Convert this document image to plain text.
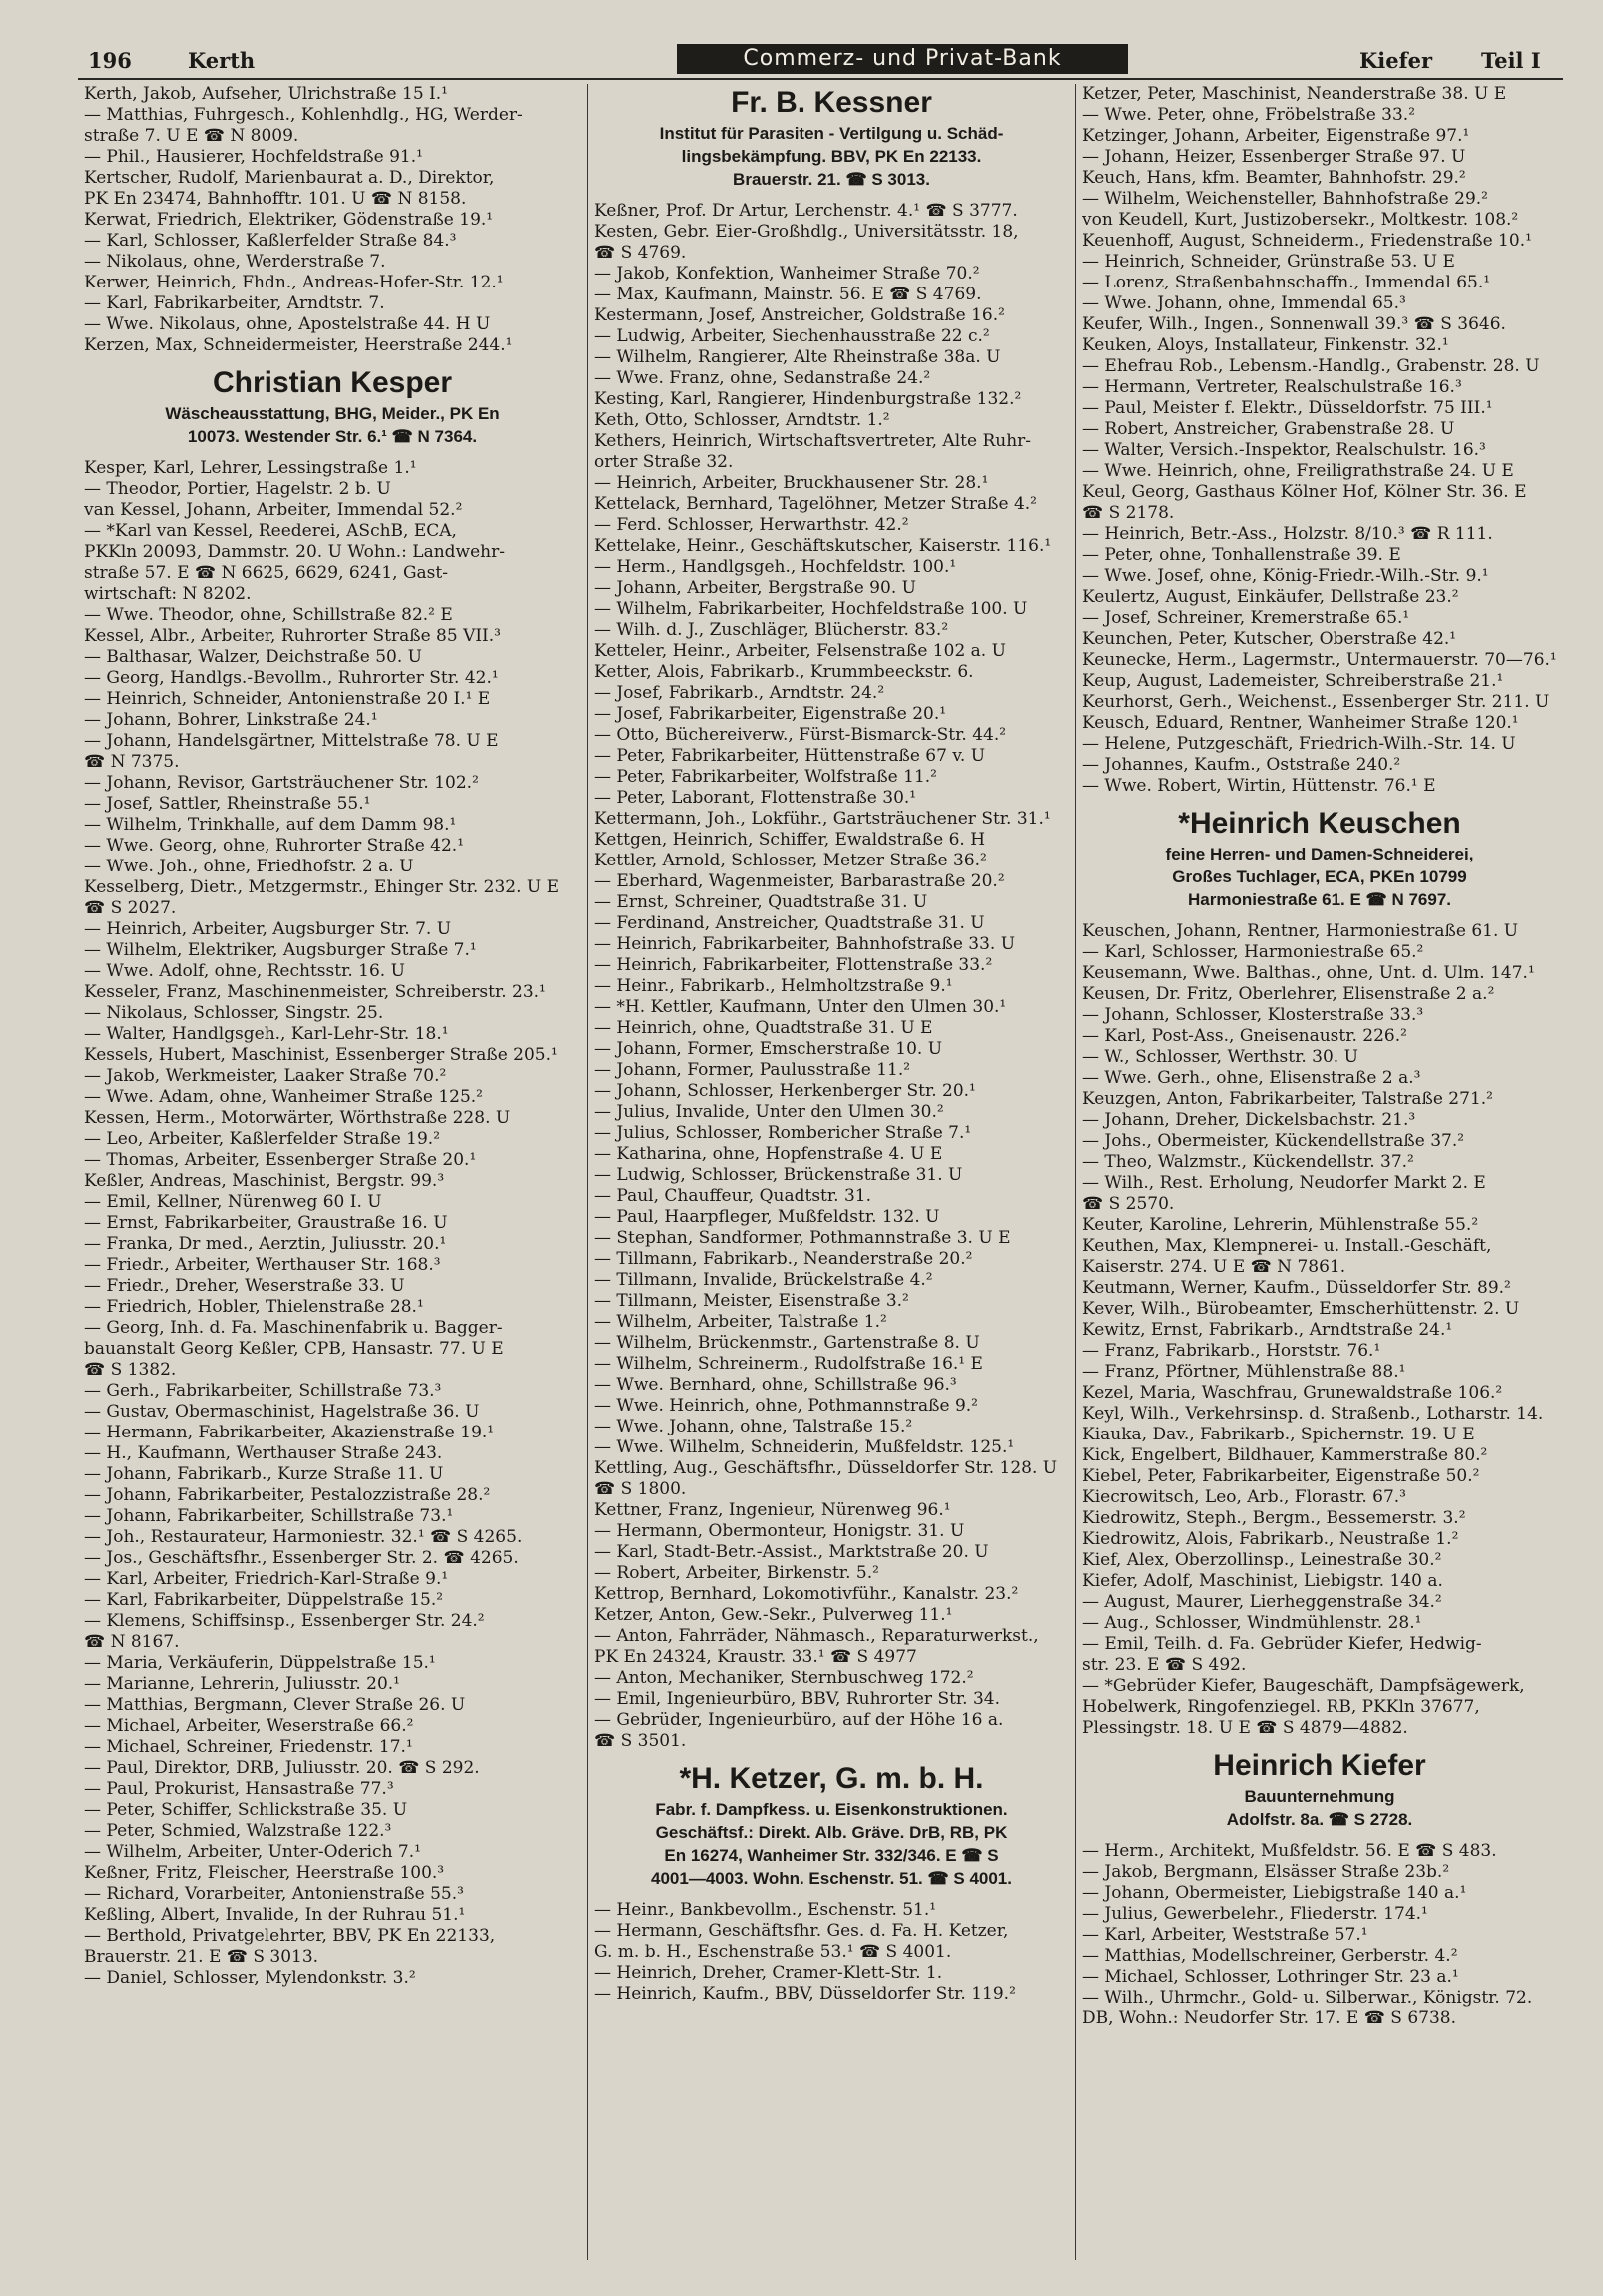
196	Kerth	Commerz- und Privat-Bank	Kiefer Teil I
Kerth, Jakob, Aufseher, Ulrichstraße 15 I.¹
— Matthias, Fuhrgesch., Kohlenhdlg., HG, Werder-
straße 7. U E ☎ N 8009.
— Phil., Hausierer, Hochfeldstraße 91.¹
Kertscher, Rudolf, Marienbaurat a. D., Direktor,
PK En 23474, Bahnhofftr. 101. U ☎ N 8158.
Kerwat, Friedrich, Elektriker, Gödenstraße 19.¹
— Karl, Schlosser, Kaßlerfelder Straße 84.³
— Nikolaus, ohne, Werderstraße 7.
Kerwer, Heinrich, Fhdn., Andreas-Hofer-Str. 12.¹
— Karl, Fabrikarbeiter, Arndtstr. 7.
— Wwe. Nikolaus, ohne, Apostelstraße 44. H U
Kerzen, Max, Schneidermeister, Heerstraße 244.¹
Christian Kesper
Wäscheausstattung, BHG, Meider., PK En
10073. Westender Str. 6.¹ ☎ N 7364.
Kesper, Karl, Lehrer, Lessingstraße 1.¹
— Theodor, Portier, Hagelstr. 2 b. U
van Kessel, Johann, Arbeiter, Immendal 52.²
— *Karl van Kessel, Reederei, ASchB, ECA,
PKKln 20093, Dammstr. 20. U Wohn.: Landwehr-
straße 57. E ☎ N 6625, 6629, 6241, Gast-
wirtschaft: N 8202.
— Wwe. Theodor, ohne, Schillstraße 82.² E
Kessel, Albr., Arbeiter, Ruhrorter Straße 85 VII.³
— Balthasar, Walzer, Deichstraße 50. U
— Georg, Handlgs.-Bevollm., Ruhrorter Str. 42.¹
— Heinrich, Schneider, Antonienstraße 20 I.¹ E
— Johann, Bohrer, Linkstraße 24.¹
— Johann, Handelsgärtner, Mittelstraße 78. U E
☎ N 7375.
— Johann, Revisor, Gartsträuchener Str. 102.²
— Josef, Sattler, Rheinstraße 55.¹
— Wilhelm, Trinkhalle, auf dem Damm 98.¹
— Wwe. Georg, ohne, Ruhrorter Straße 42.¹
— Wwe. Joh., ohne, Friedhofstr. 2 a. U
Kesselberg, Dietr., Metzgermstr., Ehinger Str. 232. U E
☎ S 2027.
— Heinrich, Arbeiter, Augsburger Str. 7. U
— Wilhelm, Elektriker, Augsburger Straße 7.¹
— Wwe. Adolf, ohne, Rechtsstr. 16. U
Kesseler, Franz, Maschinenmeister, Schreiberstr. 23.¹
— Nikolaus, Schlosser, Singstr. 25.
— Walter, Handlgsgeh., Karl-Lehr-Str. 18.¹
Kessels, Hubert, Maschinist, Essenberger Straße 205.¹
— Jakob, Werkmeister, Laaker Straße 70.²
— Wwe. Adam, ohne, Wanheimer Straße 125.²
Kessen, Herm., Motorwärter, Wörthstraße 228. U
— Leo, Arbeiter, Kaßlerfelder Straße 19.²
— Thomas, Arbeiter, Essenberger Straße 20.¹
Keßler, Andreas, Maschinist, Bergstr. 99.³
— Emil, Kellner, Nürenweg 60 I. U
— Ernst, Fabrikarbeiter, Graustraße 16. U
— Franka, Dr med., Aerztin, Juliusstr. 20.¹
— Friedr., Arbeiter, Werthauser Str. 168.³
— Friedr., Dreher, Weserstraße 33. U
— Friedrich, Hobler, Thielenstraße 28.¹
— Georg, Inh. d. Fa. Maschinenfabrik u. Bagger-
bauanstalt Georg Keßler, CPB, Hansastr. 77. U E
☎ S 1382.
— Gerh., Fabrikarbeiter, Schillstraße 73.³
— Gustav, Obermaschinist, Hagelstraße 36. U
— Hermann, Fabrikarbeiter, Akazienstraße 19.¹
— H., Kaufmann, Werthauser Straße 243.
— Johann, Fabrikarb., Kurze Straße 11. U
— Johann, Fabrikarbeiter, Pestalozzistraße 28.²
— Johann, Fabrikarbeiter, Schillstraße 73.¹
— Joh., Restaurateur, Harmoniestr. 32.¹ ☎ S 4265.
— Jos., Geschäftsfhr., Essenberger Str. 2. ☎ 4265.
— Karl, Arbeiter, Friedrich-Karl-Straße 9.¹
— Karl, Fabrikarbeiter, Düppelstraße 15.²
— Klemens, Schiffsinsp., Essenberger Str. 24.²
☎ N 8167.
— Maria, Verkäuferin, Düppelstraße 15.¹
— Marianne, Lehrerin, Juliusstr. 20.¹
— Matthias, Bergmann, Clever Straße 26. U
— Michael, Arbeiter, Weserstraße 66.²
— Michael, Schreiner, Friedenstr. 17.¹
— Paul, Direktor, DRB, Juliusstr. 20. ☎ S 292.
— Paul, Prokurist, Hansastraße 77.³
— Peter, Schiffer, Schlickstraße 35. U
— Peter, Schmied, Walzstraße 122.³
— Wilhelm, Arbeiter, Unter-Oderich 7.¹
Keßner, Fritz, Fleischer, Heerstraße 100.³
— Richard, Vorarbeiter, Antonienstraße 55.³
Keßling, Albert, Invalide, In der Ruhrau 51.¹
— Berthold, Privatgelehrter, BBV, PK En 22133,
Brauerstr. 21. E ☎ S 3013.
— Daniel, Schlosser, Mylendonkstr. 3.²
Fr. B. Kessner
Institut für Parasiten - Vertilgung u. Schäd-
lingsbekämpfung. BBV, PK En 22133.
Brauerstr. 21. ☎ S 3013.
Keßner, Prof. Dr Artur, Lerchenstr. 4.¹ ☎ S 3777.
Kesten, Gebr. Eier-Großhdlg., Universitätsstr. 18,
☎ S 4769.
— Jakob, Konfektion, Wanheimer Straße 70.²
— Max, Kaufmann, Mainstr. 56. E ☎ S 4769.
Kestermann, Josef, Anstreicher, Goldstraße 16.²
— Ludwig, Arbeiter, Siechenhausstraße 22 c.²
— Wilhelm, Rangierer, Alte Rheinstraße 38a. U
— Wwe. Franz, ohne, Sedanstraße 24.²
Kesting, Karl, Rangierer, Hindenburgstraße 132.²
Keth, Otto, Schlosser, Arndtstr. 1.²
Kethers, Heinrich, Wirtschaftsvertreter, Alte Ruhr-
orter Straße 32.
— Heinrich, Arbeiter, Bruckhausener Str. 28.¹
Kettelack, Bernhard, Tagelöhner, Metzer Straße 4.²
— Ferd. Schlosser, Herwarthstr. 42.²
Kettelake, Heinr., Geschäftskutscher, Kaiserstr. 116.¹
— Herm., Handlgsgeh., Hochfeldstr. 100.¹
— Johann, Arbeiter, Bergstraße 90. U
— Wilhelm, Fabrikarbeiter, Hochfeldstraße 100. U
— Wilh. d. J., Zuschläger, Blücherstr. 83.²
Ketteler, Heinr., Arbeiter, Felsenstraße 102 a. U
Ketter, Alois, Fabrikarb., Krummbeeckstr. 6.
— Josef, Fabrikarb., Arndtstr. 24.²
— Josef, Fabrikarbeiter, Eigenstraße 20.¹
— Otto, Büchereiverw., Fürst-Bismarck-Str. 44.²
— Peter, Fabrikarbeiter, Hüttenstraße 67 v. U
— Peter, Fabrikarbeiter, Wolfstraße 11.²
— Peter, Laborant, Flottenstraße 30.¹
Kettermann, Joh., Lokführ., Gartsträuchener Str. 31.¹
Kettgen, Heinrich, Schiffer, Ewaldstraße 6. H
Kettler, Arnold, Schlosser, Metzer Straße 36.²
— Eberhard, Wagenmeister, Barbarastraße 20.²
— Ernst, Schreiner, Quadtstraße 31. U
— Ferdinand, Anstreicher, Quadtstraße 31. U
— Heinrich, Fabrikarbeiter, Bahnhofstraße 33. U
— Heinrich, Fabrikarbeiter, Flottenstraße 33.²
— Heinr., Fabrikarb., Helmholtzstraße 9.¹
— *H. Kettler, Kaufmann, Unter den Ulmen 30.¹
— Heinrich, ohne, Quadtstraße 31. U E
— Johann, Former, Emscherstraße 10. U
— Johann, Former, Paulusstraße 11.²
— Johann, Schlosser, Herkenberger Str. 20.¹
— Julius, Invalide, Unter den Ulmen 30.²
— Julius, Schlosser, Rombericher Straße 7.¹
— Katharina, ohne, Hopfenstraße 4. U E
— Ludwig, Schlosser, Brückenstraße 31. U
— Paul, Chauffeur, Quadtstr. 31.
— Paul, Haarpfleger, Mußfeldstr. 132. U
— Stephan, Sandformer, Pothmannstraße 3. U E
— Tillmann, Fabrikarb., Neanderstraße 20.²
— Tillmann, Invalide, Brückelstraße 4.²
— Tillmann, Meister, Eisenstraße 3.²
— Wilhelm, Arbeiter, Talstraße 1.²
— Wilhelm, Brückenmstr., Gartenstraße 8. U
— Wilhelm, Schreinerm., Rudolfstraße 16.¹ E
— Wwe. Bernhard, ohne, Schillstraße 96.³
— Wwe. Heinrich, ohne, Pothmannstraße 9.²
— Wwe. Johann, ohne, Talstraße 15.²
— Wwe. Wilhelm, Schneiderin, Mußfeldstr. 125.¹
Kettling, Aug., Geschäftsfhr., Düsseldorfer Str. 128. U
☎ S 1800.
Kettner, Franz, Ingenieur, Nürenweg 96.¹
— Hermann, Obermonteur, Honigstr. 31. U
— Karl, Stadt-Betr.-Assist., Marktstraße 20. U
— Robert, Arbeiter, Birkenstr. 5.²
Kettrop, Bernhard, Lokomotivführ., Kanalstr. 23.²
Ketzer, Anton, Gew.-Sekr., Pulverweg 11.¹
— Anton, Fahrräder, Nähmasch., Reparaturwerkst.,
PK En 24324, Kraustr. 33.¹ ☎ S 4977
— Anton, Mechaniker, Sternbuschweg 172.²
— Emil, Ingenieurbüro, BBV, Ruhrorter Str. 34.
— Gebrüder, Ingenieurbüro, auf der Höhe 16 a.
☎ S 3501.
*H. Ketzer, G. m. b. H.
Fabr. f. Dampfkess. u. Eisenkonstruktionen.
Geschäftsf.: Direkt. Alb. Gräve. DrB, RB, PK
En 16274, Wanheimer Str. 332/346. E ☎ S
4001—4003. Wohn. Eschenstr. 51. ☎ S 4001.
— Heinr., Bankbevollm., Eschenstr. 51.¹
— Hermann, Geschäftsfhr. Ges. d. Fa. H. Ketzer,
G. m. b. H., Eschenstraße 53.¹ ☎ S 4001.
— Heinrich, Dreher, Cramer-Klett-Str. 1.
— Heinrich, Kaufm., BBV, Düsseldorfer Str. 119.²
Ketzer, Peter, Maschinist, Neanderstraße 38. U E
— Wwe. Peter, ohne, Fröbelstraße 33.²
Ketzinger, Johann, Arbeiter, Eigenstraße 97.¹
— Johann, Heizer, Essenberger Straße 97. U
Keuch, Hans, kfm. Beamter, Bahnhofstr. 29.²
— Wilhelm, Weichensteller, Bahnhofstraße 29.²
von Keudell, Kurt, Justizobersekr., Moltkestr. 108.²
Keuenhoff, August, Schneiderm., Friedenstraße 10.¹
— Heinrich, Schneider, Grünstraße 53. U E
— Lorenz, Straßenbahnschaffn., Immendal 65.¹
— Wwe. Johann, ohne, Immendal 65.³
Keufer, Wilh., Ingen., Sonnenwall 39.³ ☎ S 3646.
Keuken, Aloys, Installateur, Finkenstr. 32.¹
— Ehefrau Rob., Lebensm.-Handlg., Grabenstr. 28. U
— Hermann, Vertreter, Realschulstraße 16.³
— Paul, Meister f. Elektr., Düsseldorfstr. 75 III.¹
— Robert, Anstreicher, Grabenstraße 28. U
— Walter, Versich.-Inspektor, Realschulstr. 16.³
— Wwe. Heinrich, ohne, Freiligrathstraße 24. U E
Keul, Georg, Gasthaus Kölner Hof, Kölner Str. 36. E
☎ S 2178.
— Heinrich, Betr.-Ass., Holzstr. 8/10.³ ☎ R 111.
— Peter, ohne, Tonhallenstraße 39. E
— Wwe. Josef, ohne, König-Friedr.-Wilh.-Str. 9.¹
Keulertz, August, Einkäufer, Dellstraße 23.²
— Josef, Schreiner, Kremerstraße 65.¹
Keunchen, Peter, Kutscher, Oberstraße 42.¹
Keunecke, Herm., Lagermstr., Untermauerstr. 70—76.¹
Keup, August, Lademeister, Schreiberstraße 21.¹
Keurhorst, Gerh., Weichenst., Essenberger Str. 211. U
Keusch, Eduard, Rentner, Wanheimer Straße 120.¹
— Helene, Putzgeschäft, Friedrich-Wilh.-Str. 14. U
— Johannes, Kaufm., Oststraße 240.²
— Wwe. Robert, Wirtin, Hüttenstr. 76.¹ E
*Heinrich Keuschen
feine Herren- und Damen-Schneiderei,
Großes Tuchlager, ECA, PKEn 10799
Harmoniestraße 61. E ☎ N 7697.
Keuschen, Johann, Rentner, Harmoniestraße 61. U
— Karl, Schlosser, Harmoniestraße 65.²
Keusemann, Wwe. Balthas., ohne, Unt. d. Ulm. 147.¹
Keusen, Dr. Fritz, Oberlehrer, Elisenstraße 2 a.²
— Johann, Schlosser, Klosterstraße 33.³
— Karl, Post-Ass., Gneisenaustr. 226.²
— W., Schlosser, Werthstr. 30. U
— Wwe. Gerh., ohne, Elisenstraße 2 a.³
Keuzgen, Anton, Fabrikarbeiter, Talstraße 271.²
— Johann, Dreher, Dickelsbachstr. 21.³
— Johs., Obermeister, Kückendellstraße 37.²
— Theo, Walzmstr., Kückendellstr. 37.²
— Wilh., Rest. Erholung, Neudorfer Markt 2. E
☎ S 2570.
Keuter, Karoline, Lehrerin, Mühlenstraße 55.²
Keuthen, Max, Klempnerei- u. Install.-Geschäft,
Kaiserstr. 274. U E ☎ N 7861.
Keutmann, Werner, Kaufm., Düsseldorfer Str. 89.²
Kever, Wilh., Bürobeamter, Emscherhüttenstr. 2. U
Kewitz, Ernst, Fabrikarb., Arndtstraße 24.¹
— Franz, Fabrikarb., Horststr. 76.¹
— Franz, Pförtner, Mühlenstraße 88.¹
Kezel, Maria, Waschfrau, Grunewaldstraße 106.²
Keyl, Wilh., Verkehrsinsp. d. Straßenb., Lotharstr. 14.
Kiauka, Dav., Fabrikarb., Spichernstr. 19. U E
Kick, Engelbert, Bildhauer, Kammerstraße 80.²
Kiebel, Peter, Fabrikarbeiter, Eigenstraße 50.²
Kiecrowitsch, Leo, Arb., Florastr. 67.³
Kiedrowitz, Steph., Bergm., Bessemerstr. 3.²
Kiedrowitz, Alois, Fabrikarb., Neustraße 1.²
Kief, Alex, Oberzollinsp., Leinestraße 30.²
Kiefer, Adolf, Maschinist, Liebigstr. 140 a.
— August, Maurer, Lierheggenstraße 34.²
— Aug., Schlosser, Windmühlenstr. 28.¹
— Emil, Teilh. d. Fa. Gebrüder Kiefer, Hedwig-
str. 23. E ☎ S 492.
— *Gebrüder Kiefer, Baugeschäft, Dampfsägewerk,
Hobelwerk, Ringofenziegel. RB, PKKln 37677,
Plessingstr. 18. U E ☎ S 4879—4882.
Heinrich Kiefer
Bauunternehmung
Adolfstr. 8a. ☎ S 2728.
— Herm., Architekt, Mußfeldstr. 56. E ☎ S 483.
— Jakob, Bergmann, Elsässer Straße 23b.²
— Johann, Obermeister, Liebigstraße 140 a.¹
— Julius, Gewerbelehr., Fliederstr. 174.¹
— Karl, Arbeiter, Weststraße 57.¹
— Matthias, Modellschreiner, Gerberstr. 4.²
— Michael, Schlosser, Lothringer Str. 23 a.¹
— Wilh., Uhrmchr., Gold- u. Silberwar., Königstr. 72.
DB, Wohn.: Neudorfer Str. 17. E ☎ S 6738.
